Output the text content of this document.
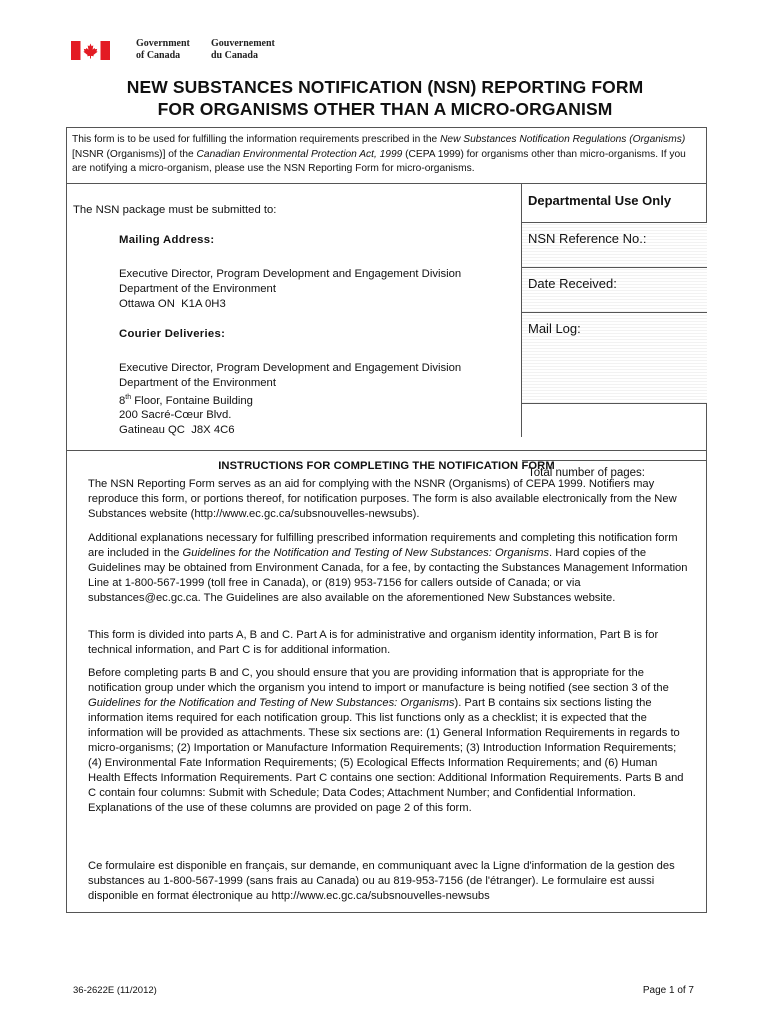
Government
of Canada
Gouvernement
du Canada
NEW SUBSTANCES NOTIFICATION (NSN) REPORTING FORM
FOR ORGANISMS OTHER THAN A MICRO-ORGANISM
This form is to be used for fulfilling the information requirements prescribed in the New Substances Notification Regulations (Organisms) [NSNR (Organisms)] of the Canadian Environmental Protection Act, 1999 (CEPA 1999) for organisms other than micro-organisms. If you are notifying a micro-organism, please use the NSN Reporting Form for micro-organisms.
The NSN package must be submitted to:
Mailing Address:
Executive Director, Program Development and Engagement Division
Department of the Environment
Ottawa ON  K1A 0H3
Courier Deliveries:
Executive Director, Program Development and Engagement Division
Department of the Environment
8th Floor, Fontaine Building
200 Sacré-Cœur Blvd.
Gatineau QC  J8X 4C6
Departmental Use Only
NSN Reference No.:
Date Received:
Mail Log:
Total number of pages:
INSTRUCTIONS FOR COMPLETING THE NOTIFICATION FORM
The NSN Reporting Form serves as an aid for complying with the NSNR (Organisms) of CEPA 1999. Notifiers may reproduce this form, or portions thereof, for notification purposes. The form is also available electronically from the New Substances website (http://www.ec.gc.ca/subsnouvelles-newsubs).
Additional explanations necessary for fulfilling prescribed information requirements and completing this notification form are included in the Guidelines for the Notification and Testing of New Substances: Organisms. Hard copies of the Guidelines may be obtained from Environment Canada, for a fee, by contacting the Substances Management Information Line at 1-800-567-1999 (toll free in Canada), or (819) 953-7156 for callers outside of Canada; or via substances@ec.gc.ca. The Guidelines are also available on the aforementioned New Substances website.
This form is divided into parts A, B and C. Part A is for administrative and organism identity information, Part B is for technical information, and Part C is for additional information.
Before completing parts B and C, you should ensure that you are providing information that is appropriate for the notification group under which the organism you intend to import or manufacture is being notified (see section 3 of the Guidelines for the Notification and Testing of New Substances: Organisms). Part B contains six sections listing the information items required for each notification group. This list functions only as a checklist; it is expected that the information will be provided as attachments. These six sections are: (1) General Information Requirements in regards to micro-organisms; (2) Importation or Manufacture Information Requirements; (3) Introduction Information Requirements; (4) Environmental Fate Information Requirements; (5) Ecological Effects Information Requirements; and (6) Human Health Effects Information Requirements. Part C contains one section: Additional Information Requirements. Parts B and C contain four columns: Submit with Schedule; Data Codes; Attachment Number; and Confidential Information. Explanations of the use of these columns are provided on page 2 of this form.
Ce formulaire est disponible en français, sur demande, en communiquant avec la Ligne d'information de la gestion des substances au 1-800-567-1999 (sans frais au Canada) ou au 819-953-7156 (de l'étranger). Le formulaire est aussi disponible en format électronique au http://www.ec.gc.ca/subsnouvelles-newsubs
36-2622E (11/2012)	Page 1 of 7
